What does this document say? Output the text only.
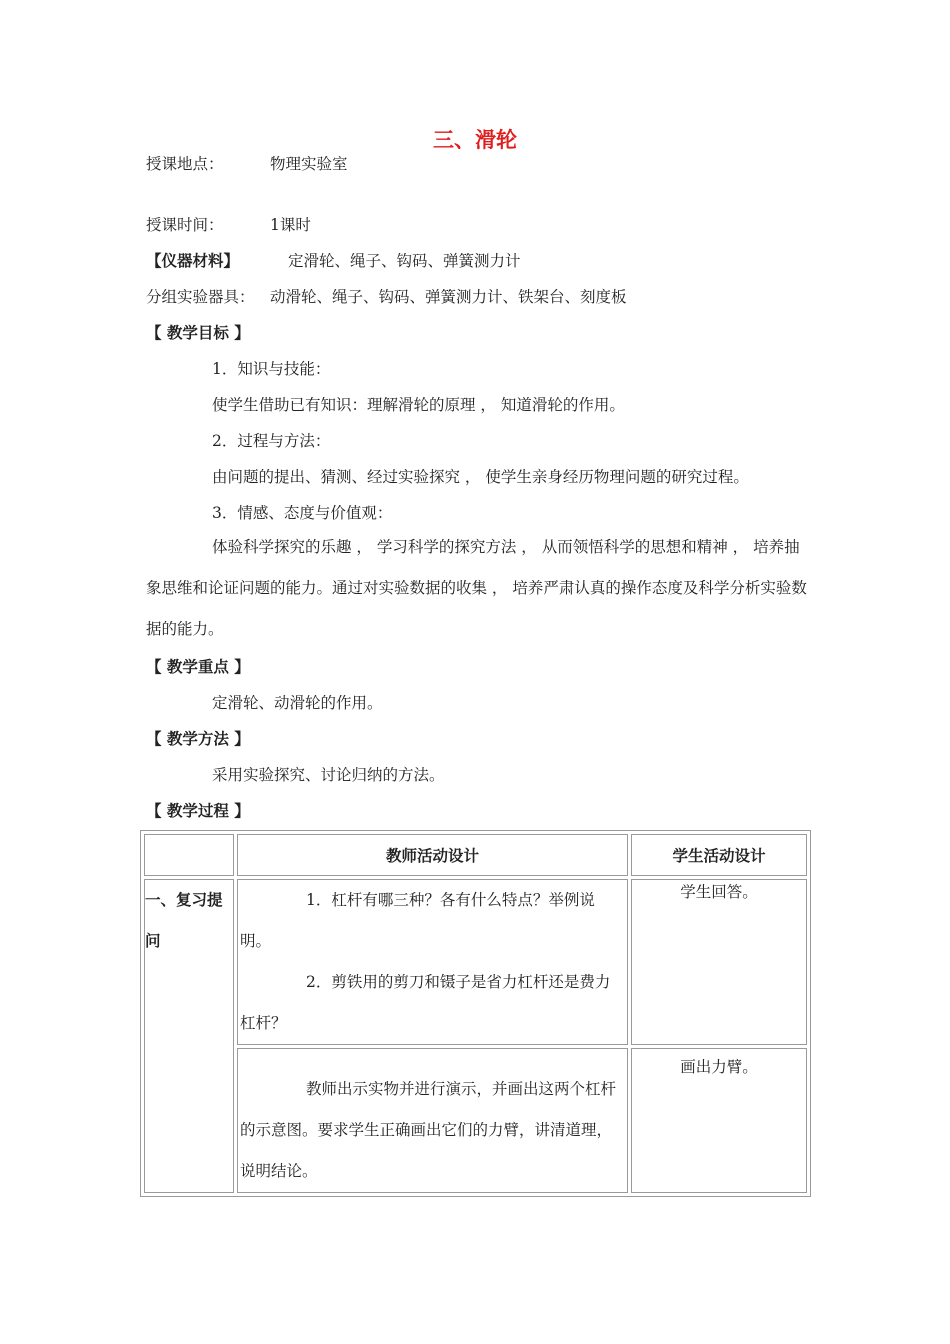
三、滑轮
授课地点：	物理实验室
授课时间：	1课时
【仪器材料】	定滑轮、绳子、钩码、弹簧测力计
分组实验器具： 动滑轮、绳子、钩码、弹簧测力计、铁架台、刻度板
【 教学目标 】
1．知识与技能：
使学生借助已有知识：理解滑轮的原理 ， 知道滑轮的作用。
2．过程与方法：
由问题的提出、猜测、经过实验探究 ， 使学生亲身经历物理问题的研究过程。
3．情感、态度与价值观：
体验科学探究的乐趣 ， 学习科学的探究方法 ， 从而领悟科学的思想和精神 ， 培养抽象思维和论证问题的能力。通过对实验数据的收集 ， 培养严肃认真的操作态度及科学分析实验数据的能力。
【 教学重点 】
定滑轮、动滑轮的作用。
【 教学方法 】
采用实验探究、讨论归纳的方法。
【 教学过程 】
	教师活动设计	学生活动设计

一、复习提问	1．杠杆有哪三种？各有什么特点？举例说明。
2．剪铁用的剪刀和镊子是省力杠杆还是费力杠杆？	学生回答。

	教师出示实物并进行演示，并画出这两个杠杆的示意图。要求学生正确画出它们的力臂，讲清道理，说明结论。	画出力臂。
